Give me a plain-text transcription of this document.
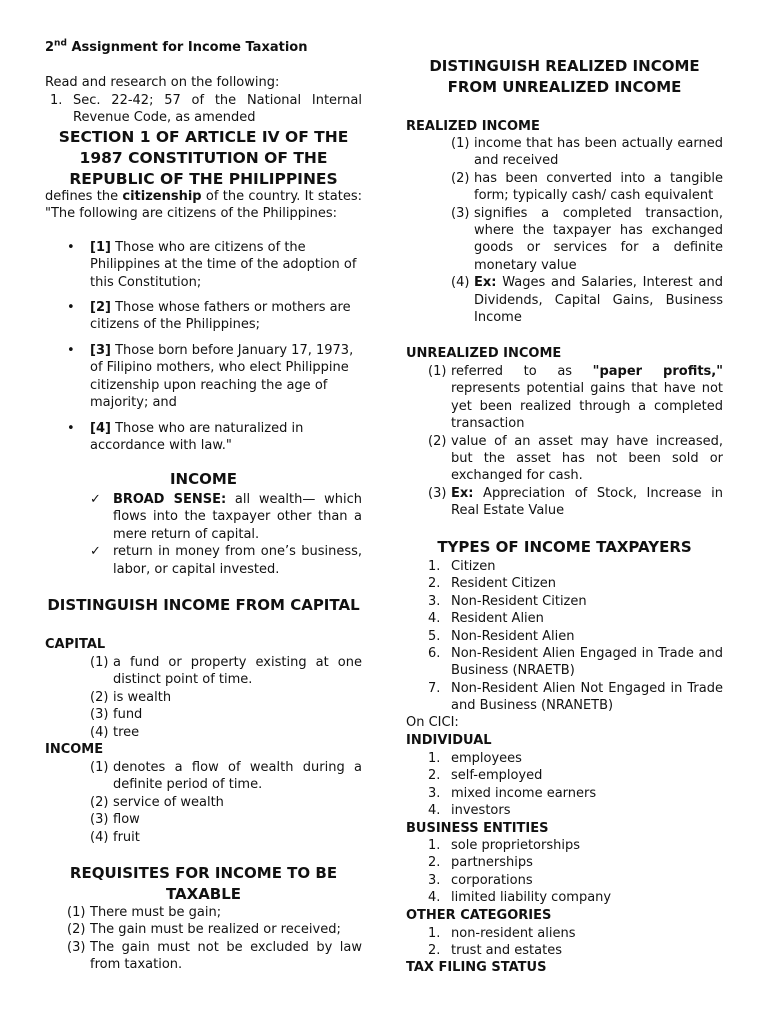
2nd Assignment for Income Taxation

Read and research on the following:

1. Sec. 22-42; 57 of the National Internal Revenue Code, as amended

SECTION 1 OF ARTICLE IV OF THE 1987 CONSTITUTION OF THE REPUBLIC OF THE PHILIPPINES

defines the citizenship of the country. It states: "The following are citizens of the Philippines:

• [1] Those who are citizens of the Philippines at the time of the adoption of this Constitution;

• [2] Those whose fathers or mothers are citizens of the Philippines;

• [3] Those born before January 17, 1973, of Filipino mothers, who elect Philippine citizenship upon reaching the age of majority; and

• [4] Those who are naturalized in accordance with law."

INCOME

✓ BROAD SENSE: all wealth— which flows into the taxpayer other than a mere return of capital.

✓ return in money from one’s business, labor, or capital invested.

DISTINGUISH INCOME FROM CAPITAL

CAPITAL

(1) a fund or property existing at one distinct point of time.

(2) is wealth

(3) fund

(4) tree

INCOME

(1) denotes a flow of wealth during a definite period of time.

(2) service of wealth

(3) flow

(4) fruit

REQUISITES FOR INCOME TO BE TAXABLE

(1) There must be gain;

(2) The gain must be realized or received;

(3) The gain must not be excluded by law from taxation.

DISTINGUISH REALIZED INCOME FROM UNREALIZED INCOME

REALIZED INCOME

(1) income that has been actually earned and received

(2) has been converted into a tangible form; typically cash/ cash equivalent

(3) signifies a completed transaction, where the taxpayer has exchanged goods or services for a definite monetary value

(4) Ex: Wages and Salaries, Interest and Dividends, Capital Gains, Business Income

UNREALIZED INCOME

(1) referred to as "paper profits," represents potential gains that have not yet been realized through a completed transaction

(2) value of an asset may have increased, but the asset has not been sold or exchanged for cash.

(3) Ex: Appreciation of Stock, Increase in Real Estate Value

TYPES OF INCOME TAXPAYERS

1. Citizen

2. Resident Citizen

3. Non-Resident Citizen

4. Resident Alien

5. Non-Resident Alien

6. Non-Resident Alien Engaged in Trade and Business (NRAETB)

7. Non-Resident Alien Not Engaged in Trade and Business (NRANETB)

On CICI:

INDIVIDUAL

1. employees

2. self-employed

3. mixed income earners

4. investors

BUSINESS ENTITIES

1. sole proprietorships

2. partnerships

3. corporations

4. limited liability company

OTHER CATEGORIES

1. non-resident aliens

2. trust and estates

TAX FILING STATUS
